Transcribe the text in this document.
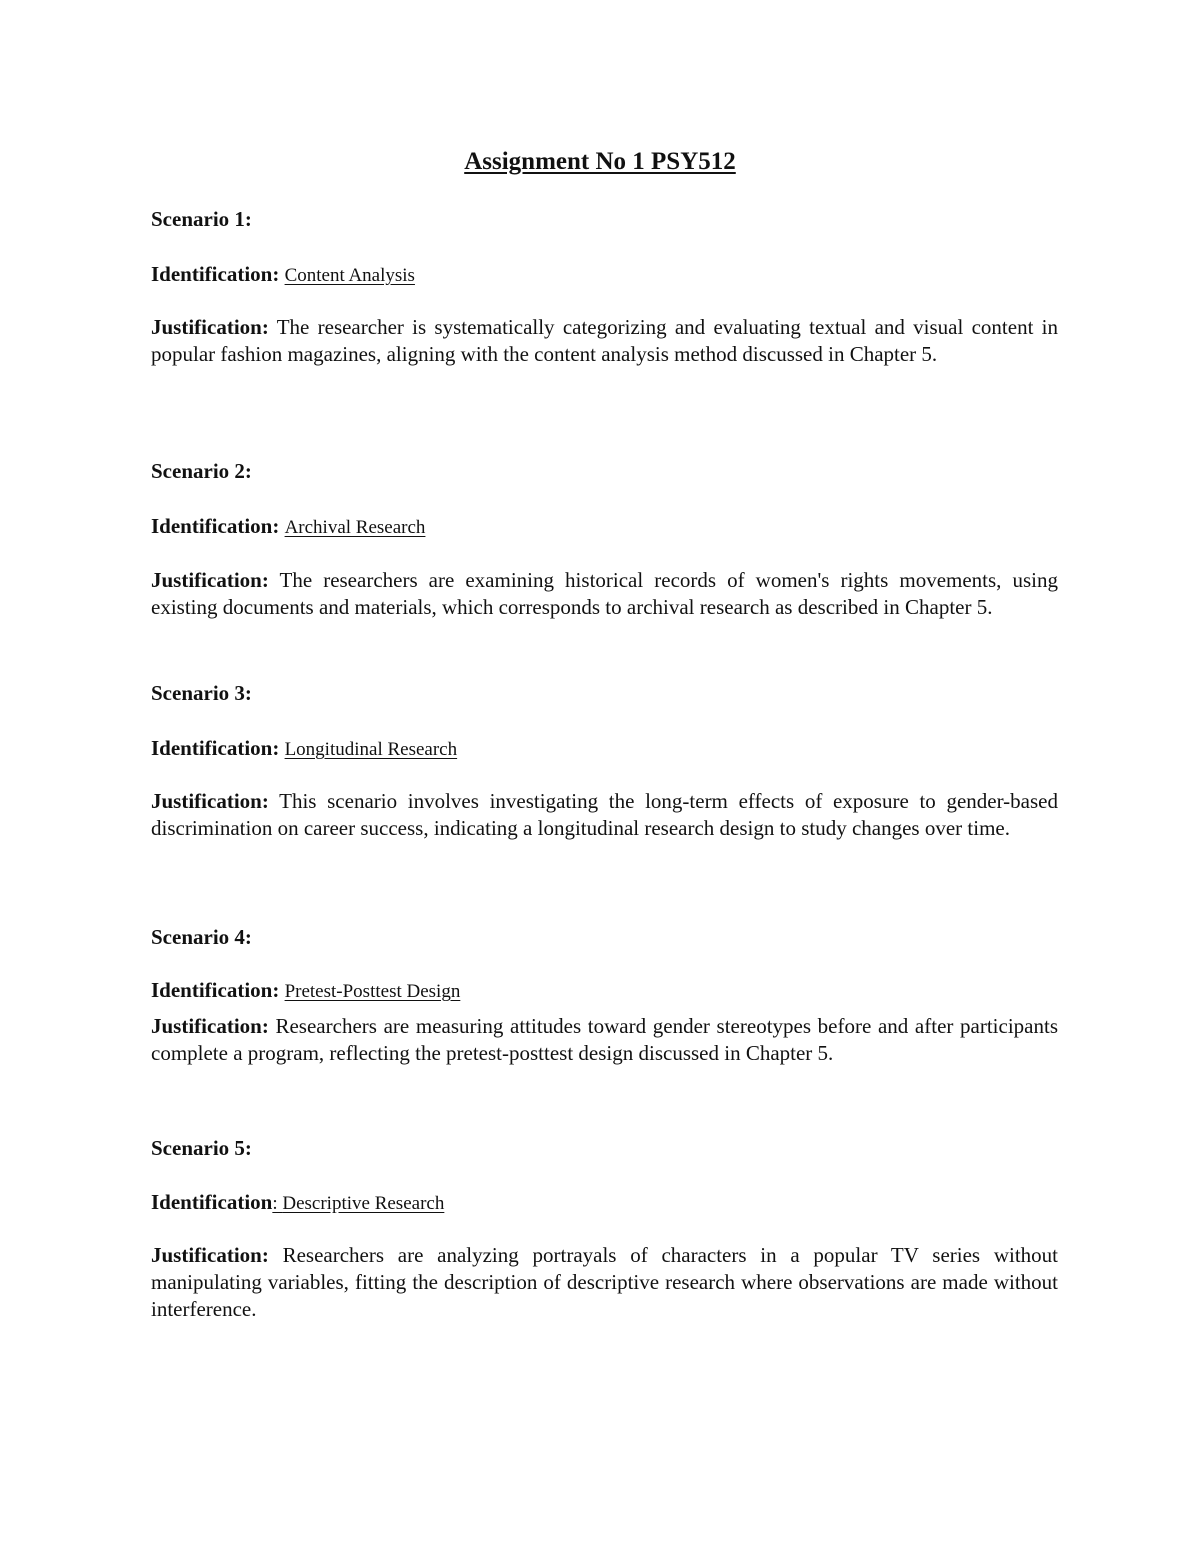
Assignment No 1 PSY512
Scenario 1:
Identification: Content Analysis
Justification: The researcher is systematically categorizing and evaluating textual and visual content in popular fashion magazines, aligning with the content analysis method discussed in Chapter 5.
Scenario 2:
Identification: Archival Research
Justification: The researchers are examining historical records of women's rights movements, using existing documents and materials, which corresponds to archival research as described in Chapter 5.
Scenario 3:
Identification: Longitudinal Research
Justification: This scenario involves investigating the long-term effects of exposure to gender-based discrimination on career success, indicating a longitudinal research design to study changes over time.
Scenario 4:
Identification: Pretest-Posttest Design
Justification: Researchers are measuring attitudes toward gender stereotypes before and after participants complete a program, reflecting the pretest-posttest design discussed in Chapter 5.
Scenario 5:
Identification: Descriptive Research
Justification: Researchers are analyzing portrayals of characters in a popular TV series without manipulating variables, fitting the description of descriptive research where observations are made without interference.
